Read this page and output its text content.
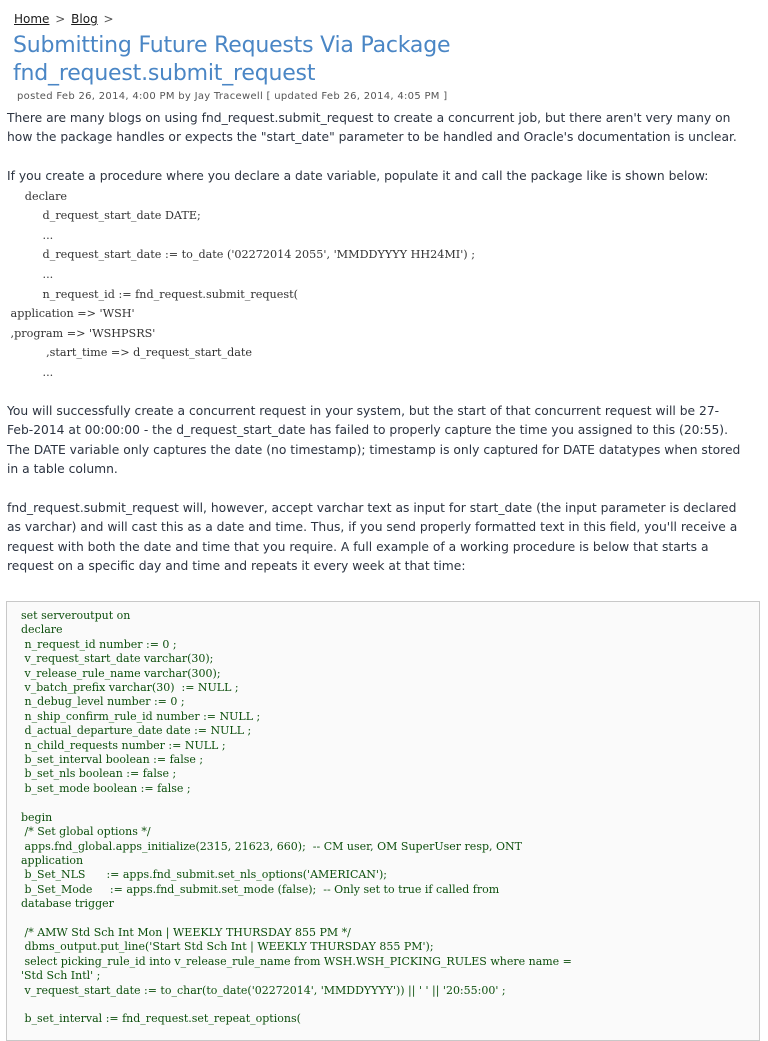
Home > Blog >
Submitting Future Requests Via Package
fnd_request.submit_request
posted Feb 26, 2014, 4:00 PM by Jay Tracewell [ updated Feb 26, 2014, 4:05 PM ]

There are many blogs on using fnd_request.submit_request to create a concurrent job, but there aren't very many on

how the package handles or expects the "start_date" parameter to be handled and Oracle's documentation is unclear.

If you create a procedure where you declare a date variable, populate it and call the package like is shown below:

declare
d_request_start_date DATE;
...
d_request_start_date := to_date ('02272014 2055', 'MMDDYYYY HH24MI') ;
...
n_request_id := fnd_request.submit_request(
application => 'WSH'
,program => 'WSHPSRS'
,start_time => d_request_start_date
...

You will successfully create a concurrent request in your system, but the start of that concurrent request will be 27-

Feb-2014 at 00:00:00 - the d_request_start_date has failed to properly capture the time you assigned to this (20:55).

The DATE variable only captures the date (no timestamp); timestamp is only captured for DATE datatypes when stored

in a table column.

fnd_request.submit_request will, however, accept varchar text as input for start_date (the input parameter is declared

as varchar) and will cast this as a date and time. Thus, if you send properly formatted text in this field, you'll receive a

request with both the date and time that you require. A full example of a working procedure is below that starts a

request on a specific day and time and repeats it every week at that time:

set serveroutput on
declare
n_request_id number := 0 ;
v_request_start_date varchar(30);
v_release_rule_name varchar(300);
v_batch_prefix varchar(30)  := NULL ;
n_debug_level number := 0 ;
n_ship_confirm_rule_id number := NULL ;
d_actual_departure_date date := NULL ;
n_child_requests number := NULL ;
b_set_interval boolean := false ;
b_set_nls boolean := false ;
b_set_mode boolean := false ;

begin
/* Set global options */
apps.fnd_global.apps_initialize(2315, 21623, 660);  -- CM user, OM SuperUser resp, ONT
application
b_Set_NLS      := apps.fnd_submit.set_nls_options('AMERICAN');
b_Set_Mode     := apps.fnd_submit.set_mode (false);  -- Only set to true if called from
database trigger

/* AMW Std Sch Int Mon | WEEKLY THURSDAY 855 PM */
dbms_output.put_line('Start Std Sch Int | WEEKLY THURSDAY 855 PM');
select picking_rule_id into v_release_rule_name from WSH.WSH_PICKING_RULES where name =
'Std Sch Intl' ;
v_request_start_date := to_char(to_date('02272014', 'MMDDYYYY')) || ' ' || '20:55:00' ;

b_set_interval := fnd_request.set_repeat_options(
